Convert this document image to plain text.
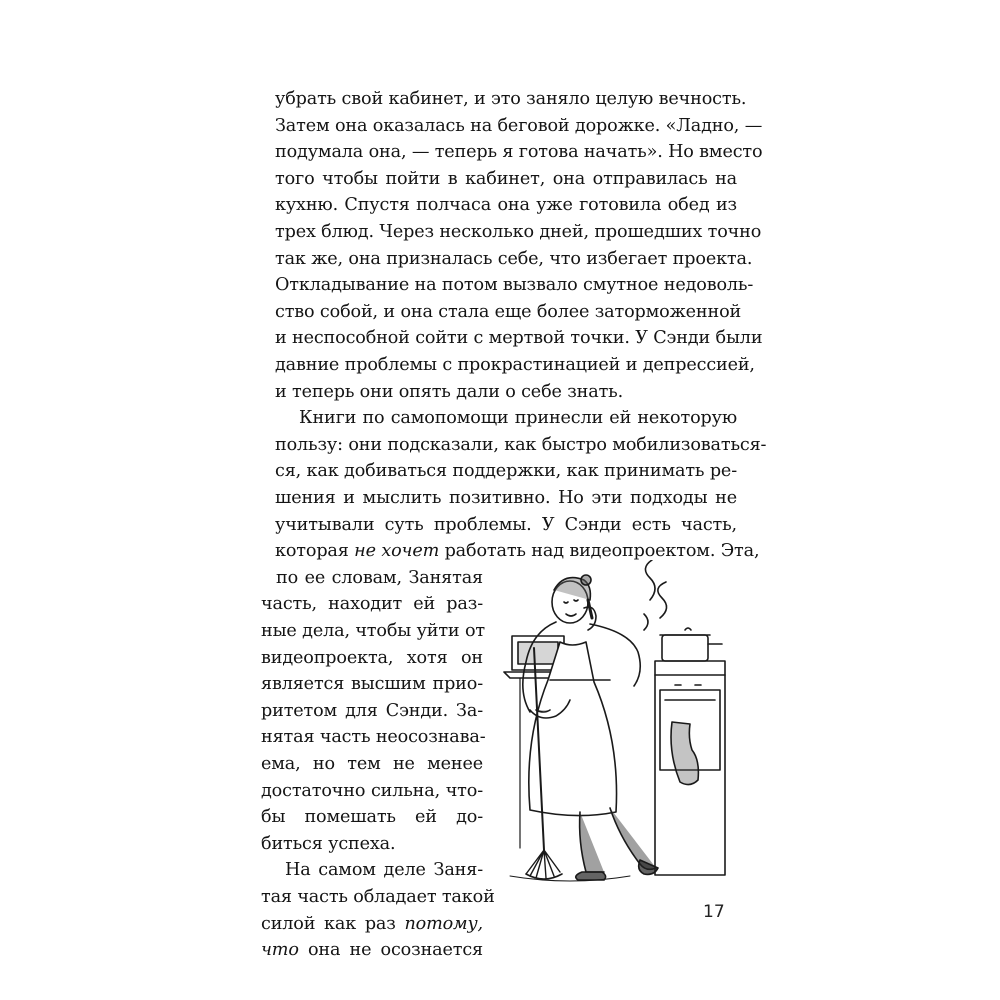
убрать свой кабинет, и это заняло целую вечность.
Затем она оказалась на беговой дорожке. «Ладно, —
подумала она, — теперь я готова начать». Но вместо
того чтобы пойти в кабинет, она отправилась на
кухню. Спустя полчаса она уже готовила обед из
трех блюд. Через несколько дней, прошедших точно
так же, она призналась себе, что избегает проекта.
Откладывание на потом вызвало смутное недоволь-
ство собой, и она стала еще более заторможенной
и неспособной сойти с мертвой точки. У Сэнди были
давние проблемы с прокрастинацией и депрессией,
и теперь они опять дали о себе знать.
Книги по самопомощи принесли ей некоторую
пользу: они подсказали, как быстро мобилизоваться-
ся, как добиваться поддержки, как принимать ре-
шения и мыслить позитивно. Но эти подходы не
учитывали суть проблемы. У Сэнди есть часть,
которая не хочет работать над видеопроектом. Эта,
по ее словам, Занятая
часть, находит ей раз-
ные дела, чтобы уйти от
видеопроекта, хотя он
является высшим прио-
ритетом для Сэнди. За-
нятая часть неосознава-
ема, но тем не менее
достаточно сильна, что-
бы помешать ей до-
биться успеха.
На самом деле Заня-
тая часть обладает такой
силой как раз потому,
что она не осознается
17
